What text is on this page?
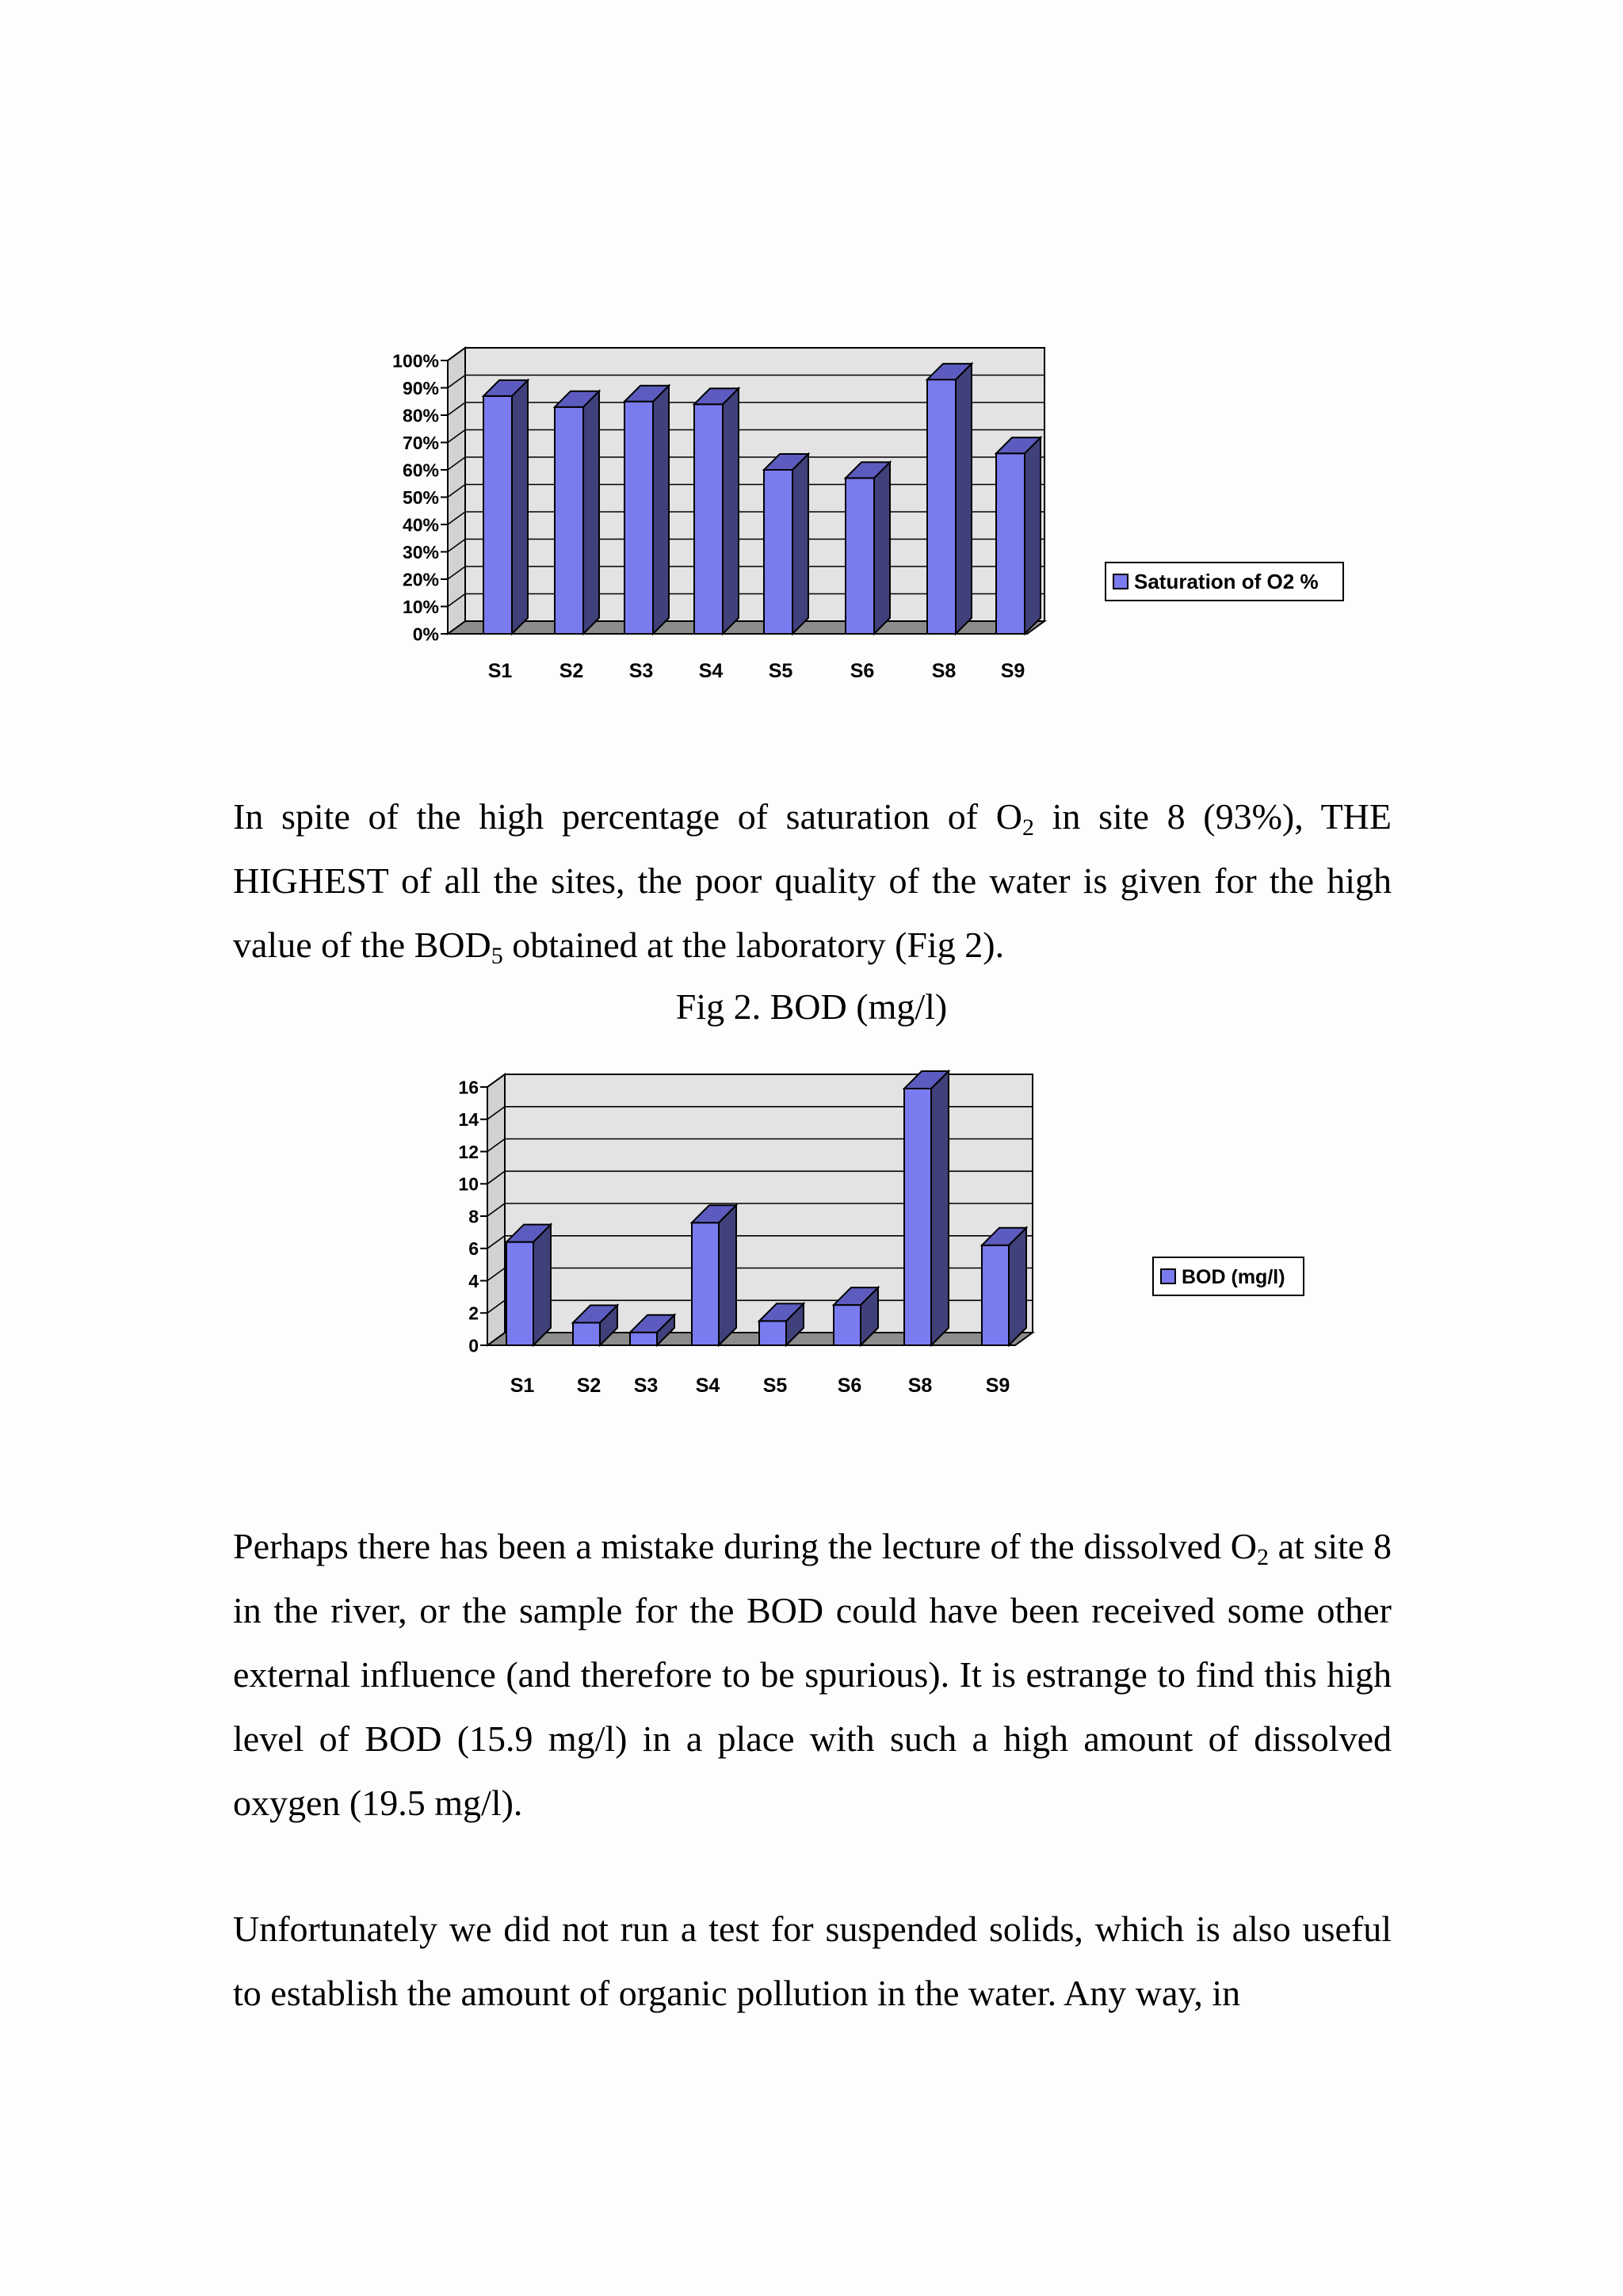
0%
10%
20%
30%
40%
50%
60%
70%
80%
90%
100%
S1 S2 S3 S4 S5	S6	S8 S9
Saturation of O2 %

In spite of the high percentage of saturation of $O_2$ in site 8 (93%), THE HIGHEST of all the sites, the poor quality of the water is given for the high value of the $BOD_5$ obtained at the laboratory (Fig 2).

Fig 2. BOD (mg/l)
0
2
4
6
8
10
12
14
16
S1 S2 S3 S4 S5	S6 S8	S9
BOD (mg/l)

Perhaps there has been a mistake during the lecture of the dissolved $O_2$ at site 8 in the river, or the sample for the BOD could have been received some other external influence (and therefore to be spurious). It is estrange to find this high level of BOD (15.9 mg/l) in a place with such a high amount of dissolved oxygen (19.5 mg/l).

Unfortunately we did not run a test for suspended solids, which is also useful to establish the amount of organic pollution in the water. Any way, in
